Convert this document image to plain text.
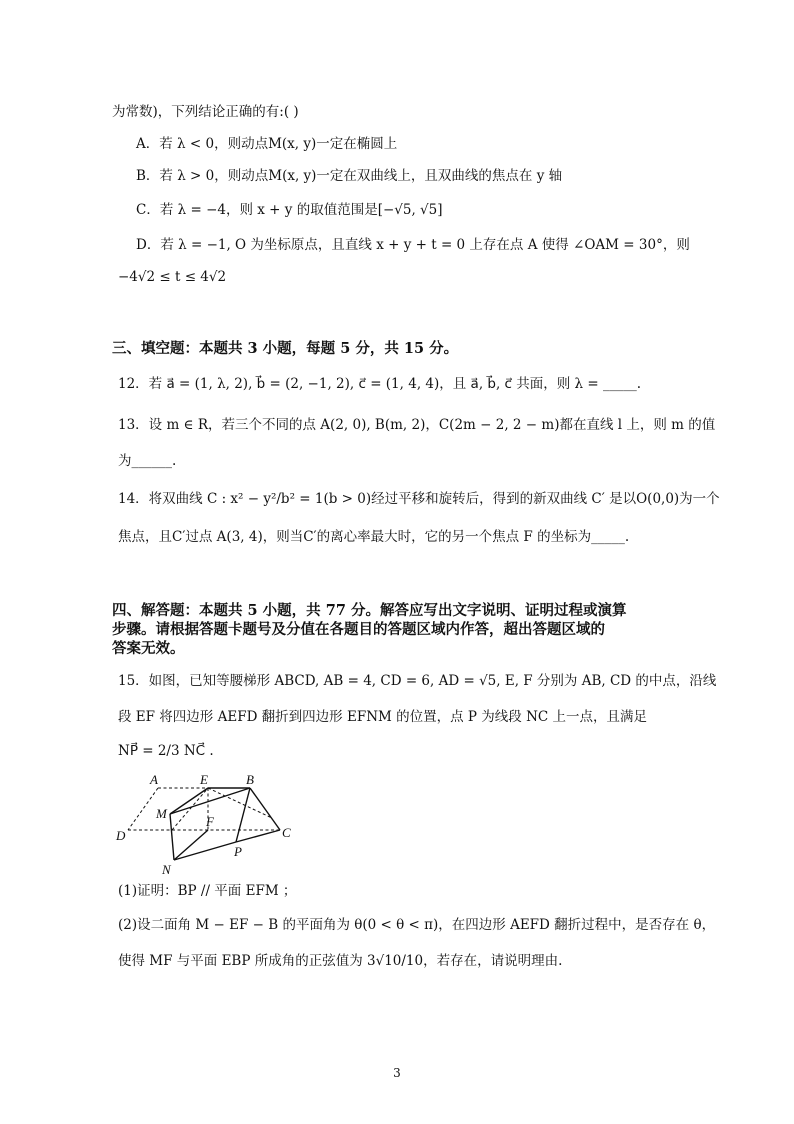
为常数)，下列结论正确的有:( )
A．若 λ < 0，则动点M(x, y)一定在椭圆上
B．若 λ > 0，则动点M(x, y)一定在双曲线上，且双曲线的焦点在 y 轴
C．若 λ = −4，则 x + y 的取值范围是[−√5, √5]
D．若 λ = −1, O 为坐标原点，且直线 x + y + t = 0 上存在点 A 使得 ∠OAM = 30°，则
−4√2 ≤ t ≤ 4√2
三、填空题：本题共 3 小题，每题 5 分，共 15 分。
12．若 a⃗ = (1, λ, 2), b⃗ = (2, −1, 2), c⃗ = (1, 4, 4)，且 a⃗, b⃗, c⃗ 共面，则 λ = _____.
13．设 m ∈ R，若三个不同的点 A(2, 0), B(m, 2)，C(2m − 2, 2 − m)都在直线 l 上，则 m 的值
为______.
14．将双曲线 C : x² − y²/b² = 1(b > 0)经过平移和旋转后，得到的新双曲线 C′ 是以O(0,0)为一个
焦点，且C′过点 A(3, 4)，则当C′的离心率最大时，它的另一个焦点 F 的坐标为_____.
四、解答题：本题共 5 小题，共 77 分。解答应写出文字说明、证明过程或演算
步骤。请根据答题卡题号及分值在各题目的答题区域内作答，超出答题区域的
答案无效。
15．如图，已知等腰梯形 ABCD, AB = 4, CD = 6, AD = √5, E, F 分别为 AB, CD 的中点，沿线
段 EF 将四边形 AEFD 翻折到四边形 EFNM 的位置，点 P 为线段 NC 上一点，且满足
NP⃗ = 2/3 NC⃗ .
A	E	B
M
F
C
D
P
N
(1)证明：BP // 平面 EFM ；
(2)设二面角 M − EF − B 的平面角为 θ(0 < θ < π)，在四边形 AEFD 翻折过程中，是否存在 θ，
使得 MF 与平面 EBP 所成角的正弦值为 3√10/10，若存在，请说明理由.
3
